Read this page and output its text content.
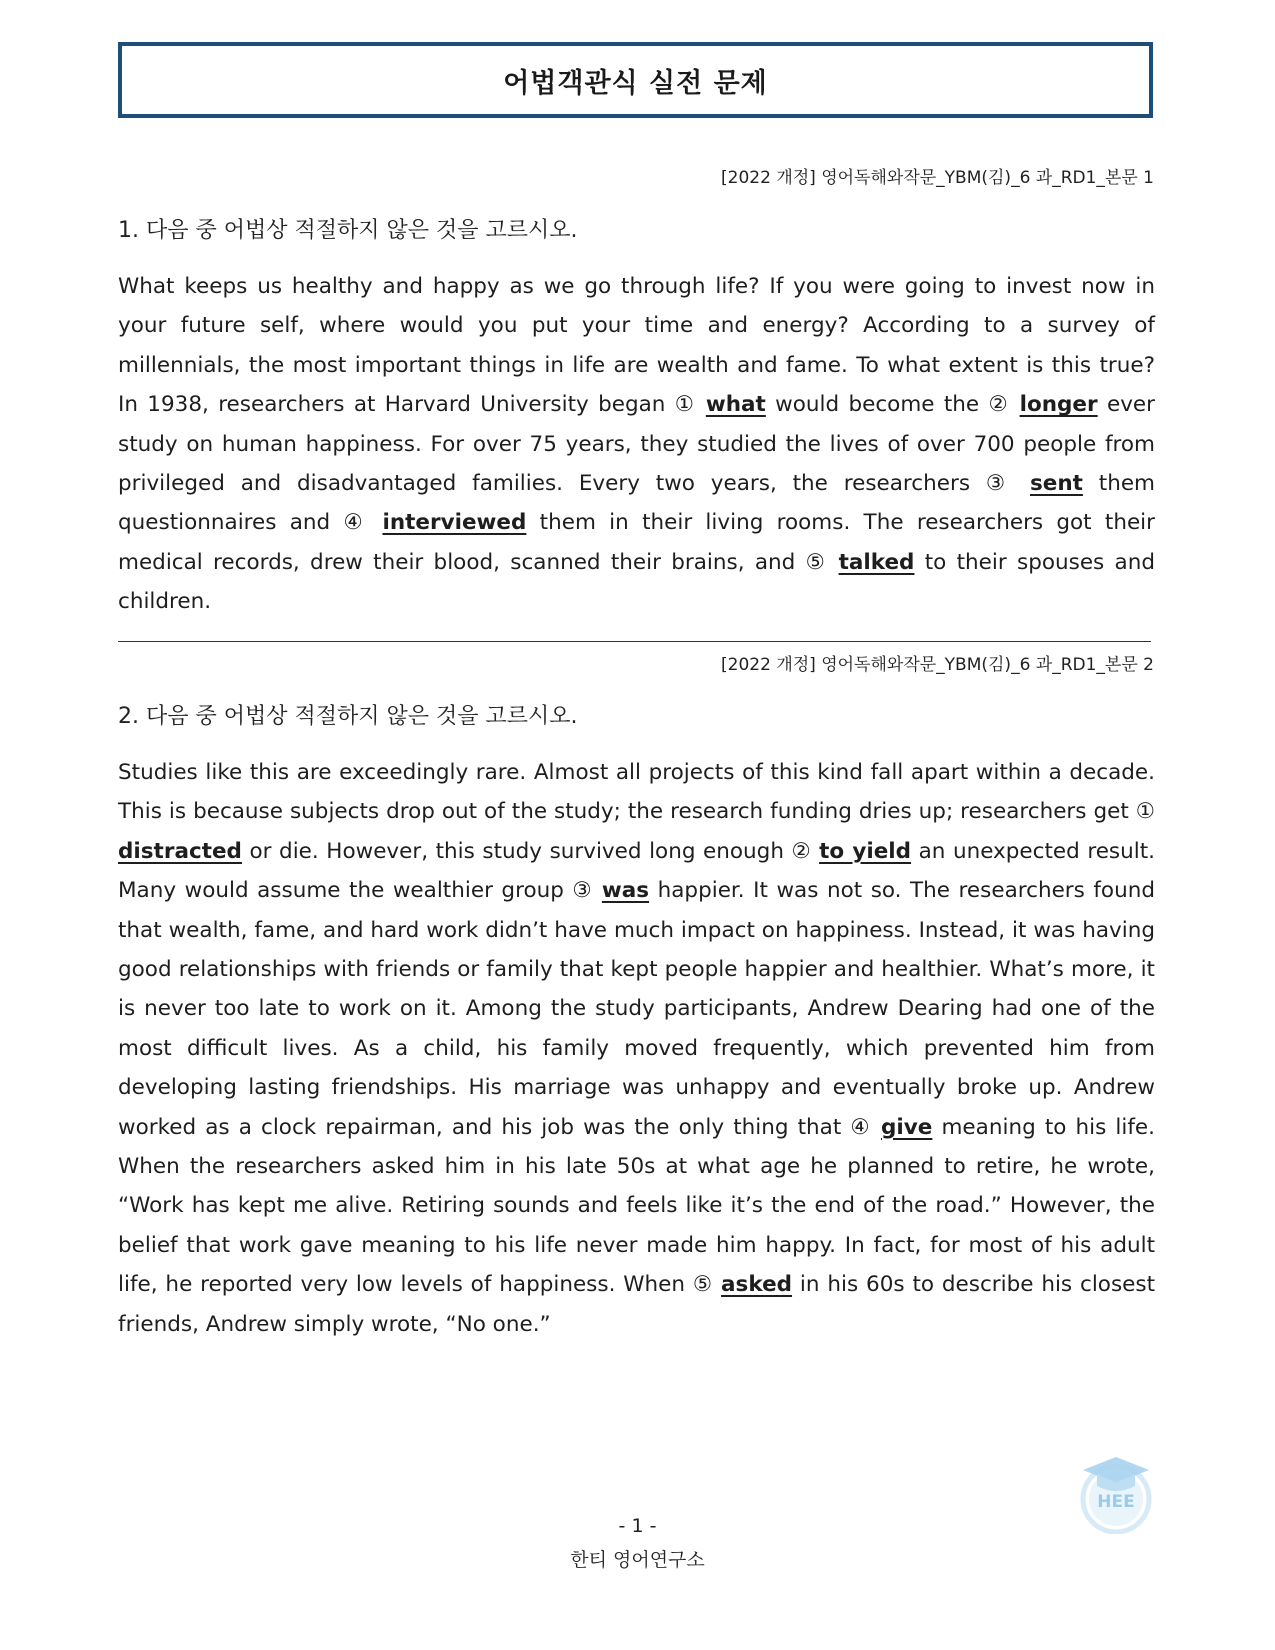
어법객관식 실전 문제
[2022 개정] 영어독해와작문_YBM(김)_6 과_RD1_본문 1
1. 다음 중 어법상 적절하지 않은 것을 고르시오.
What keeps us healthy and happy as we go through life? If you were going to invest now in your future self, where would you put your time and energy? According to a survey of millennials, the most important things in life are wealth and fame. To what extent is this true? In 1938, researchers at Harvard University began ① what would become the ② longer ever study on human happiness. For over 75 years, they studied the lives of over 700 people from privileged and disadvantaged families. Every two years, the researchers ③ sent them questionnaires and ④ interviewed them in their living rooms. The researchers got their medical records, drew their blood, scanned their brains, and ⑤ talked to their spouses and children.
[2022 개정] 영어독해와작문_YBM(김)_6 과_RD1_본문 2
2. 다음 중 어법상 적절하지 않은 것을 고르시오.
Studies like this are exceedingly rare. Almost all projects of this kind fall apart within a decade. This is because subjects drop out of the study; the research funding dries up; researchers get ① distracted or die. However, this study survived long enough ② to yield an unexpected result. Many would assume the wealthier group ③ was happier. It was not so. The researchers found that wealth, fame, and hard work didn’t have much impact on happiness. Instead, it was having good relationships with friends or family that kept people happier and healthier. What’s more, it is never too late to work on it. Among the study participants, Andrew Dearing had one of the most difficult lives. As a child, his family moved frequently, which prevented him from developing lasting friendships. His marriage was unhappy and eventually broke up. Andrew worked as a clock repairman, and his job was the only thing that ④ give meaning to his life. When the researchers asked him in his late 50s at what age he planned to retire, he wrote, “Work has kept me alive. Retiring sounds and feels like it’s the end of the road.” However, the belief that work gave meaning to his life never made him happy. In fact, for most of his adult life, he reported very low levels of happiness. When ⑤ asked in his 60s to describe his closest friends, Andrew simply wrote, “No one.”
- 1 -
한티 영어연구소
HEE
